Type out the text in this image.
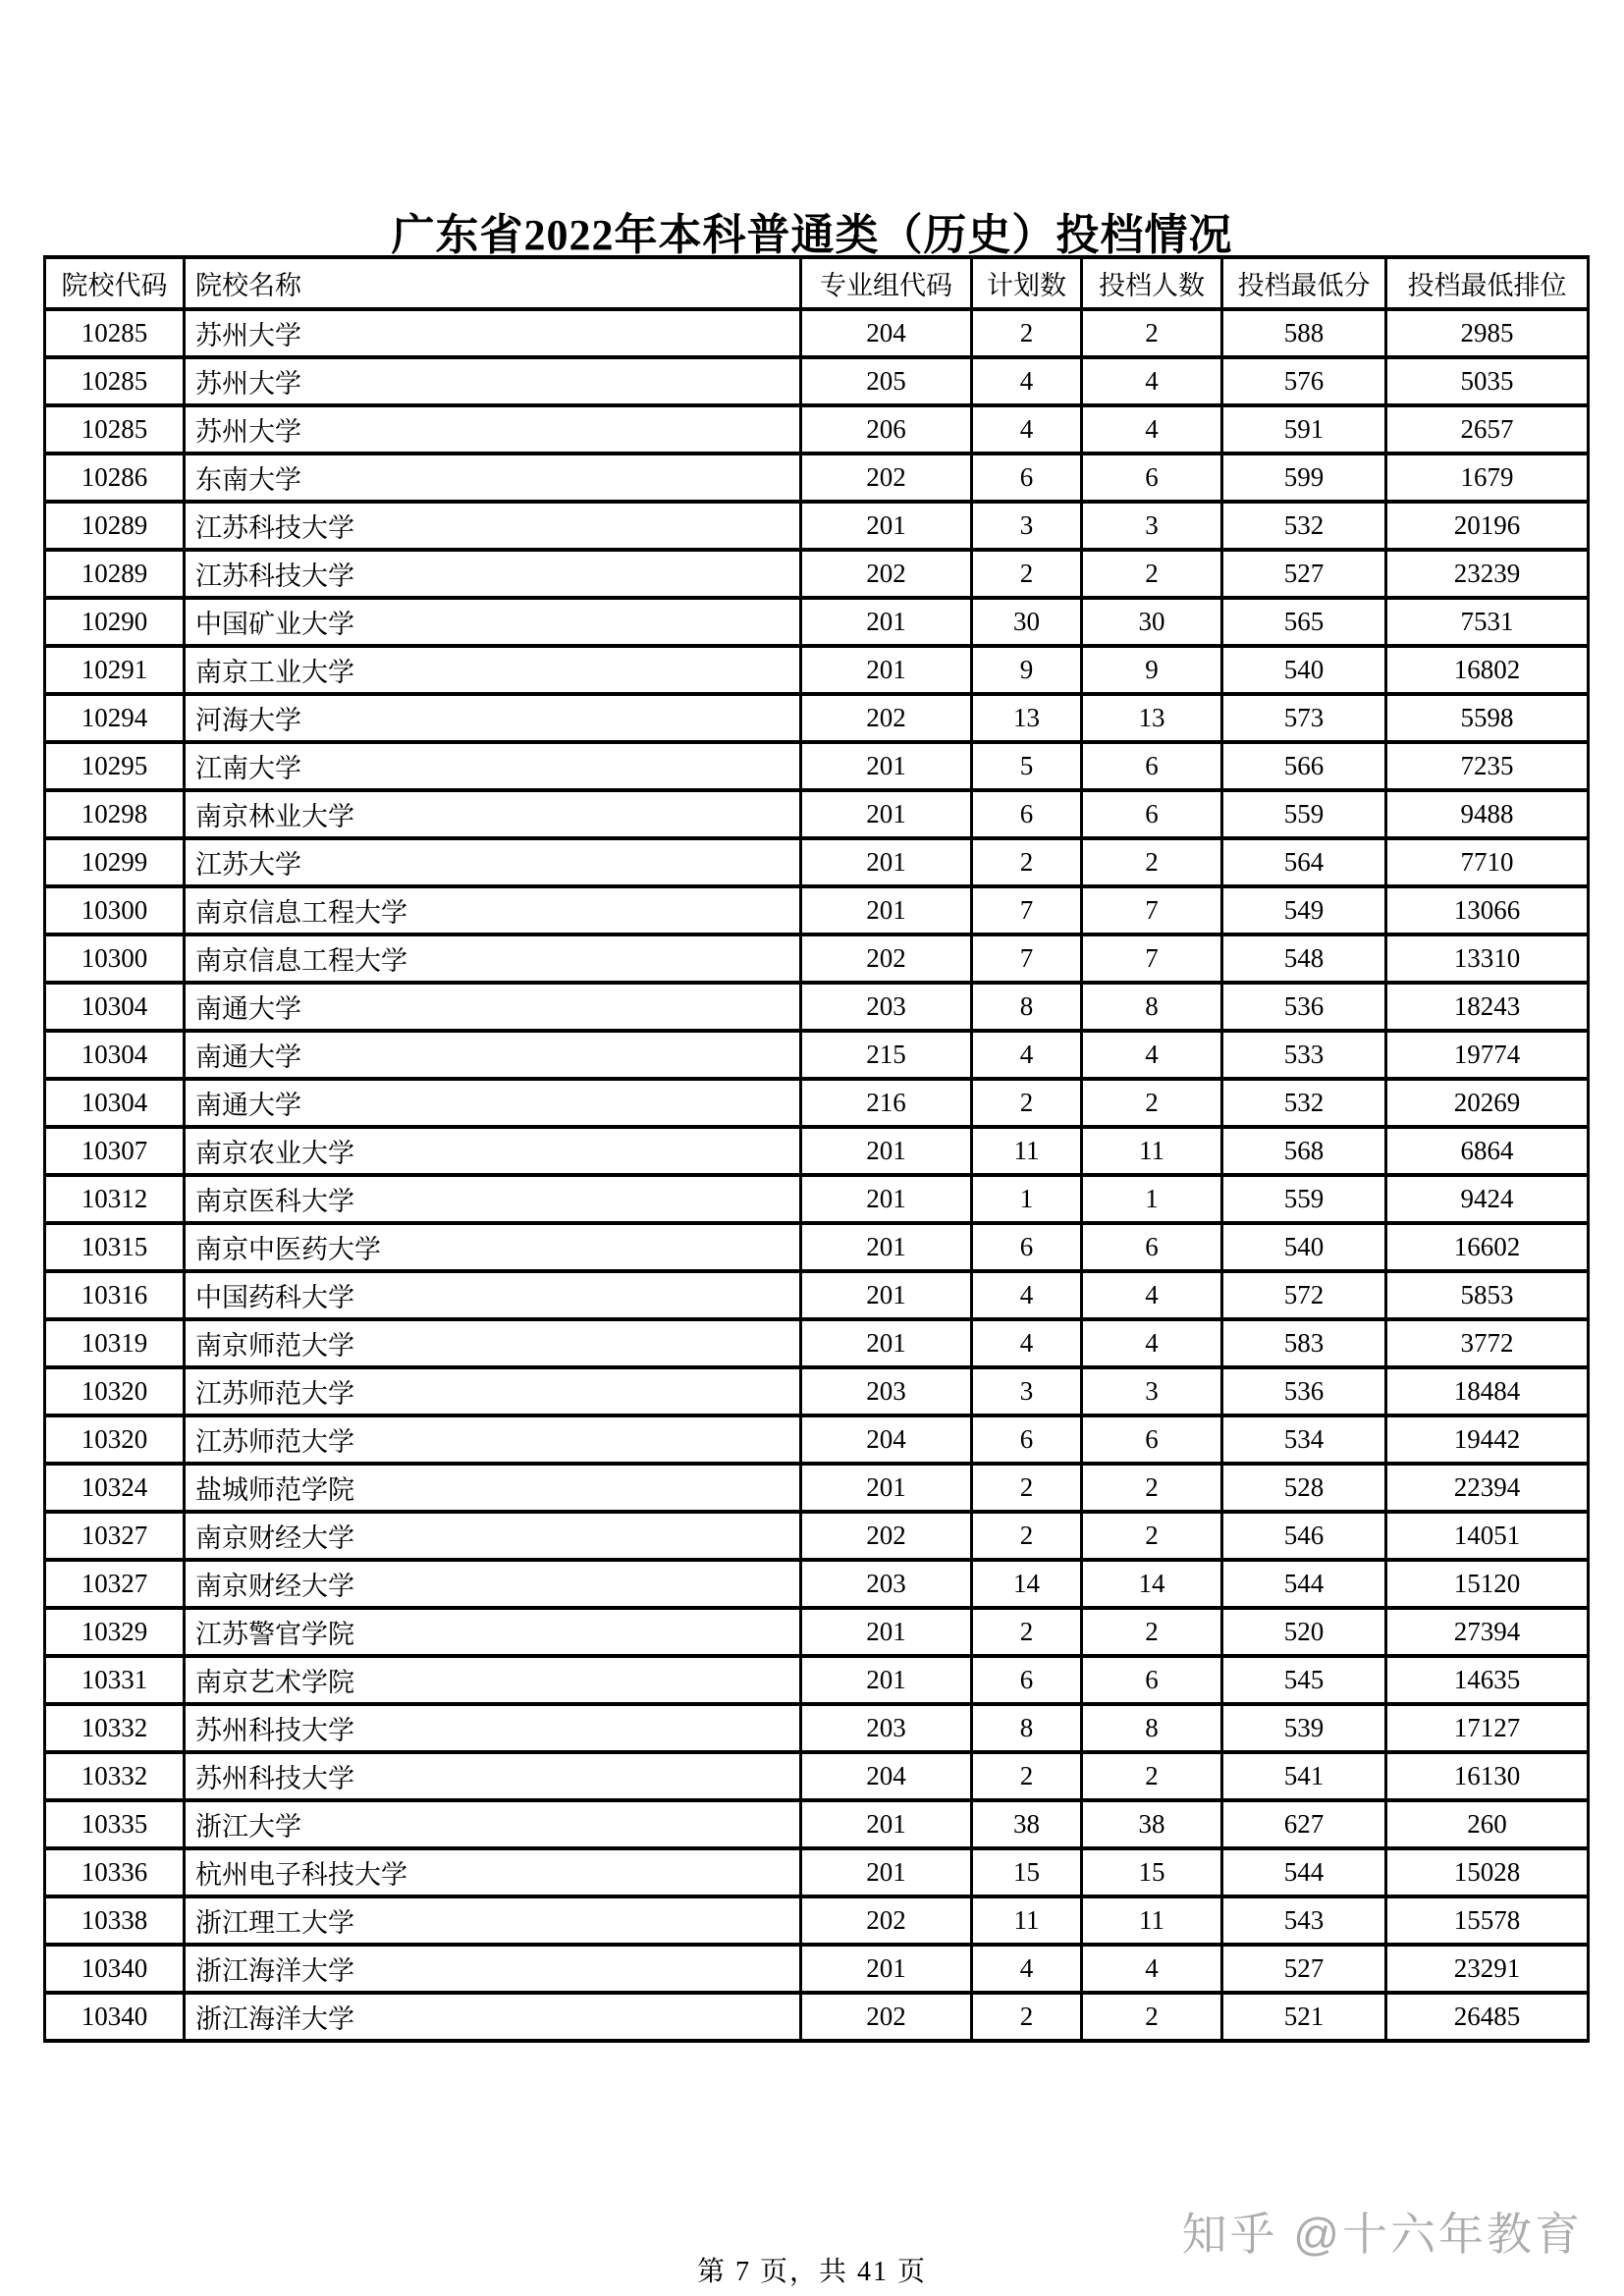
广东省2022年本科普通类（历史）投档情况
院校代码	院校名称	专业组代码	计划数	投档人数	投档最低分	投档最低排位
10285	苏州大学	204	2	2	588	2985
10285	苏州大学	205	4	4	576	5035
10285	苏州大学	206	4	4	591	2657
10286	东南大学	202	6	6	599	1679
10289	江苏科技大学	201	3	3	532	20196
10289	江苏科技大学	202	2	2	527	23239
10290	中国矿业大学	201	30	30	565	7531
10291	南京工业大学	201	9	9	540	16802
10294	河海大学	202	13	13	573	5598
10295	江南大学	201	5	6	566	7235
10298	南京林业大学	201	6	6	559	9488
10299	江苏大学	201	2	2	564	7710
10300	南京信息工程大学	201	7	7	549	13066
10300	南京信息工程大学	202	7	7	548	13310
10304	南通大学	203	8	8	536	18243
10304	南通大学	215	4	4	533	19774
10304	南通大学	216	2	2	532	20269
10307	南京农业大学	201	11	11	568	6864
10312	南京医科大学	201	1	1	559	9424
10315	南京中医药大学	201	6	6	540	16602
10316	中国药科大学	201	4	4	572	5853
10319	南京师范大学	201	4	4	583	3772
10320	江苏师范大学	203	3	3	536	18484
10320	江苏师范大学	204	6	6	534	19442
10324	盐城师范学院	201	2	2	528	22394
10327	南京财经大学	202	2	2	546	14051
10327	南京财经大学	203	14	14	544	15120
10329	江苏警官学院	201	2	2	520	27394
10331	南京艺术学院	201	6	6	545	14635
10332	苏州科技大学	203	8	8	539	17127
10332	苏州科技大学	204	2	2	541	16130
10335	浙江大学	201	38	38	627	260
10336	杭州电子科技大学	201	15	15	544	15028
10338	浙江理工大学	202	11	11	543	15578
10340	浙江海洋大学	201	4	4	527	23291
10340	浙江海洋大学	202	2	2	521	26485
第 7 页，共 41 页
知乎 @十六年教育
